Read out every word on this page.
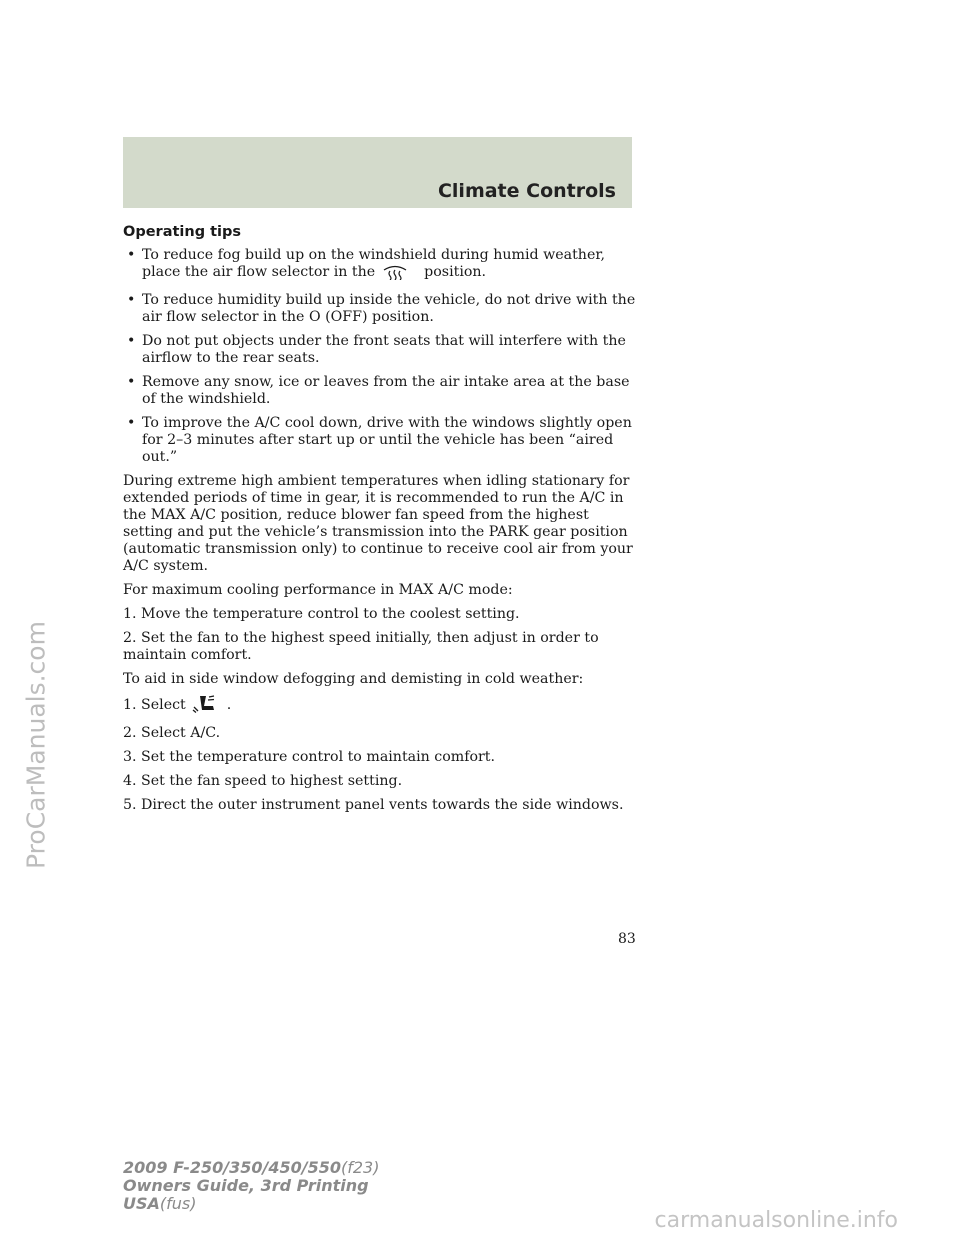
Climate Controls
ProCarManuals.com
Operating tips
• To reduce fog build up on the windshield during humid weather, place the air flow selector in the	position.
• To reduce humidity build up inside the vehicle, do not drive with the air flow selector in the O (OFF) position.
• Do not put objects under the front seats that will interfere with the airflow to the rear seats.
• Remove any snow, ice or leaves from the air intake area at the base of the windshield.
• To improve the A/C cool down, drive with the windows slightly open for 2–3 minutes after start up or until the vehicle has been “aired out.”

During extreme high ambient temperatures when idling stationary for extended periods of time in gear, it is recommended to run the A/C in the MAX A/C position, reduce blower fan speed from the highest setting and put the vehicle’s transmission into the PARK gear position (automatic transmission only) to continue to receive cool air from your A/C system.

For maximum cooling performance in MAX A/C mode:

1. Move the temperature control to the coolest setting.

2. Set the fan to the highest speed initially, then adjust in order to maintain comfort.

To aid in side window defogging and demisting in cold weather:

1. Select	.

2. Select A/C.

3. Set the temperature control to maintain comfort.

4. Set the fan speed to highest setting.

5. Direct the outer instrument panel vents towards the side windows.

83
2009 F-250/350/450/550(f23)
Owners Guide, 3rd Printing
USA(fus)
carmanualsonline.info
